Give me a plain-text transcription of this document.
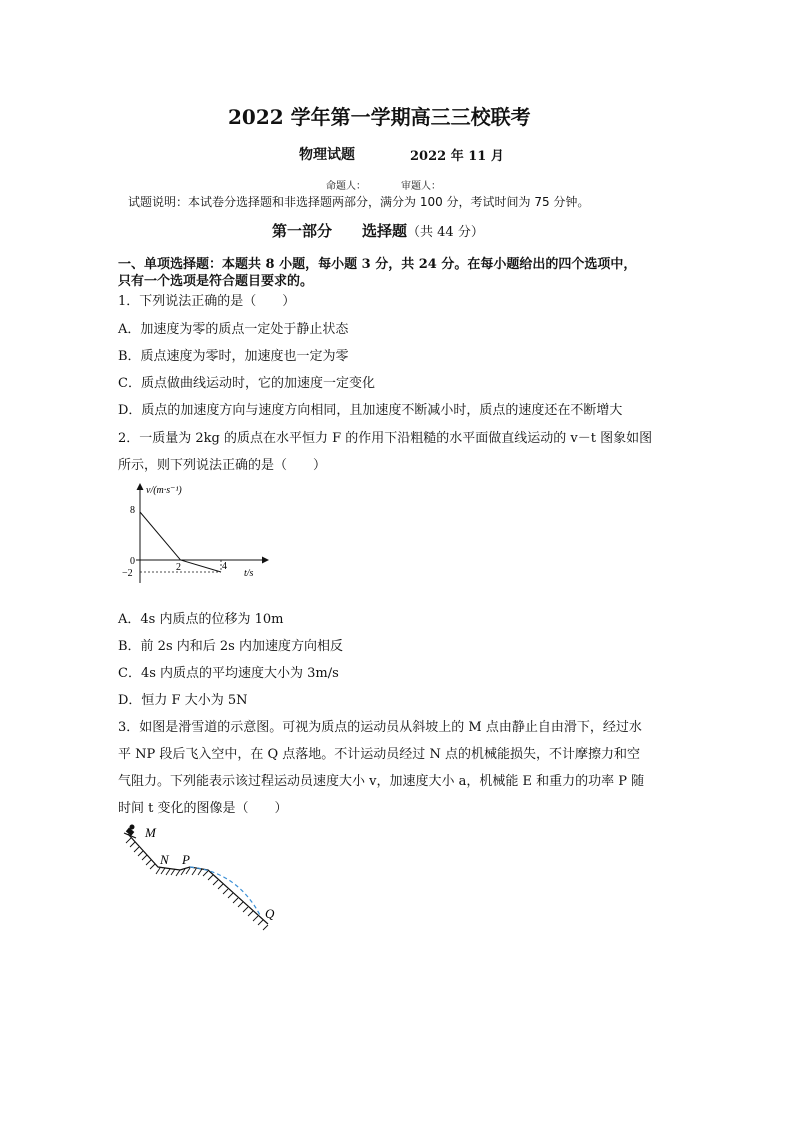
2022 学年第一学期高三三校联考
物理试题	2022 年 11 月
命题人：　　　　审题人：
试题说明：本试卷分选择题和非选择题两部分，满分为 100 分，考试时间为 75 分钟。
第一部分　　选择题（共 44 分）
一、单项选择题：本题共 8 小题，每小题 3 分，共 24 分。在每小题给出的四个选项中，
只有一个选项是符合题目要求的。
1．下列说法正确的是（　　）
A．加速度为零的质点一定处于静止状态
B．质点速度为零时，加速度也一定为零
C．质点做曲线运动时，它的加速度一定变化
D．质点的加速度方向与速度方向相同，且加速度不断减小时，质点的速度还在不断增大
2．一质量为 2kg 的质点在水平恒力 F 的作用下沿粗糙的水平面做直线运动的 v－t 图象如图
所示，则下列说法正确的是（　　）
v/(m·s⁻¹)
t/s
8
0
−2
2	4
A．4s 内质点的位移为 10m
B．前 2s 内和后 2s 内加速度方向相反
C．4s 内质点的平均速度大小为 3m/s
D．恒力 F 大小为 5N
3．如图是滑雪道的示意图。可视为质点的运动员从斜坡上的 M 点由静止自由滑下，经过水
平 NP 段后飞入空中，在 Q 点落地。不计运动员经过 N 点的机械能损失，不计摩擦力和空
气阻力。下列能表示该过程运动员速度大小 v，加速度大小 a，机械能 E 和重力的功率 P 随
时间 t 变化的图像是（　　）
M
N P
Q
